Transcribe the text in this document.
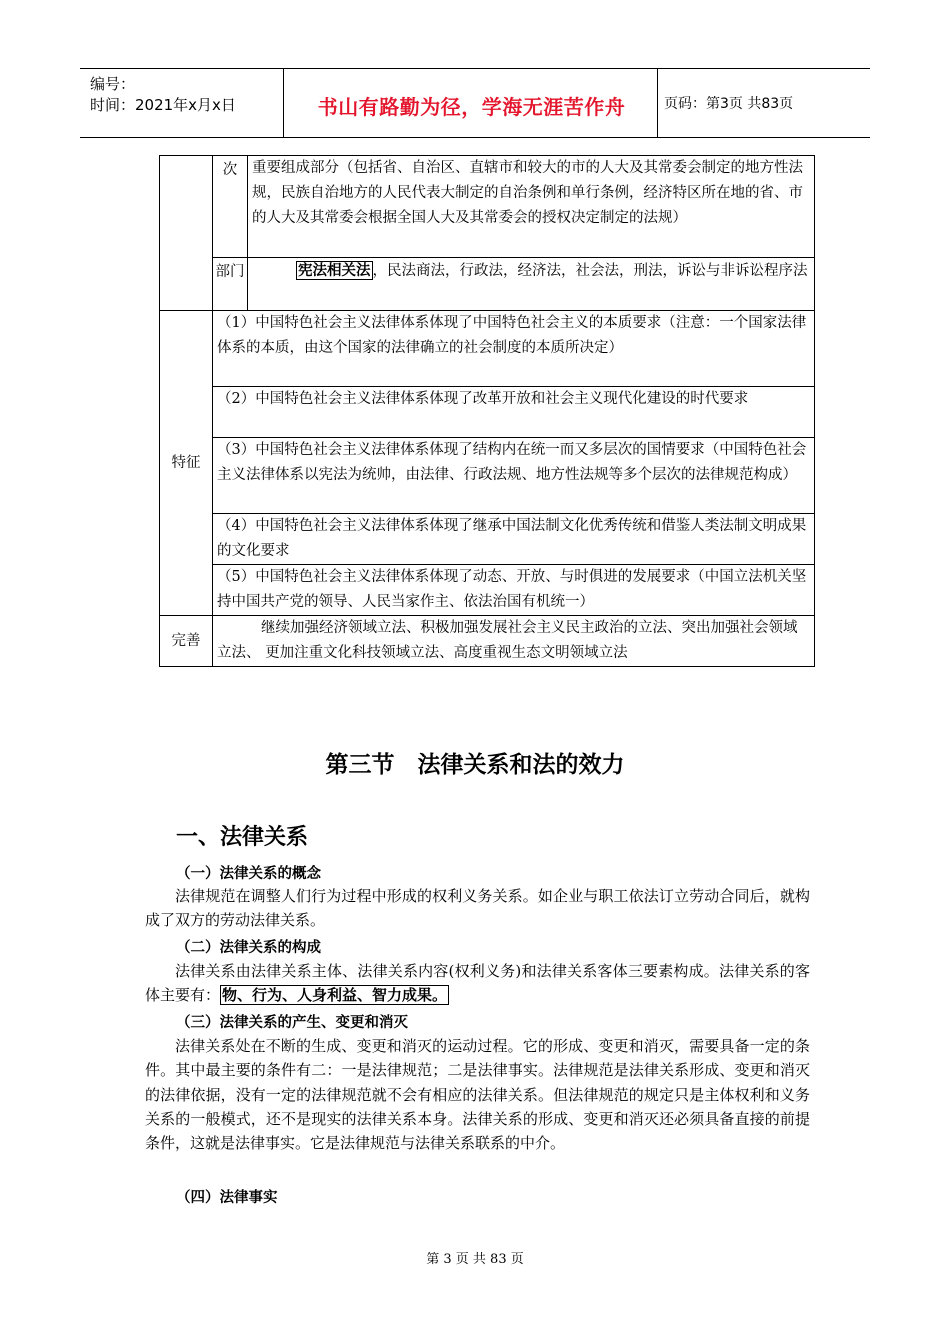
编号：
时间：2021年x月x日	书山有路勤为径，学海无涯苦作舟	页码：第3页 共83页
	次	重要组成部分（包括省、自治区、直辖市和较大的市的人大及其常委会制定的地方性法规，民族自治地方的人民代表大制定的自治条例和单行条例，经济特区所在地的省、市的人大及其常委会根据全国人大及其常委会的授权决定制定的法规）
	部门	宪法相关法 ，民法商法，行政法，经济法，社会法，刑法，诉讼与非诉讼程序法
特征	（1）中国特色社会主义法律体系体现了中国特色社会主义的本质要求（注意：一个国家法律体系的本质，由这个国家的法律确立的社会制度的本质所决定）	
	（2）中国特色社会主义法律体系体现了改革开放和社会主义现代化建设的时代要求	
	（3）中国特色社会主义法律体系体现了结构内在统一而又多层次的国情要求（中国特色社会主义法律体系以宪法为统帅，由法律、行政法规、地方性法规等多个层次的法律规范构成）	
	（4）中国特色社会主义法律体系体现了继承中国法制文化优秀传统和借鉴人类法制文明成果的文化要求	
	（5）中国特色社会主义法律体系体现了动态、开放、与时俱进的发展要求（中国立法机关坚持中国共产党的领导、人民当家作主、依法治国有机统一）	
完善	继续加强经济领域立法、积极加强发展社会主义民主政治的立法、突出加强社会领域立法、 更加注重文化科技领域立法、高度重视生态文明领域立法	
第三节　法律关系和法的效力
一、法律关系
（一）法律关系的概念
法律规范在调整人们行为过程中形成的权利义务关系。如企业与职工依法订立劳动合同后，就构成了双方的劳动法律关系。
（二）法律关系的构成
法律关系由法律关系主体、法律关系内容(权利义务)和法律关系客体三要素构成。法律关系的客体主要有： 物、行为、人身利益、智力成果。
（三）法律关系的产生、变更和消灭
法律关系处在不断的生成、变更和消灭的运动过程。它的形成、变更和消灭，需要具备一定的条件。其中最主要的条件有二：一是法律规范；二是法律事实。法律规范是法律关系形成、变更和消灭的法律依据，没有一定的法律规范就不会有相应的法律关系。但法律规范的规定只是主体权利和义务关系的一般模式，还不是现实的法律关系本身。法律关系的形成、变更和消灭还必须具备直接的前提条件，这就是法律事实。它是法律规范与法律关系联系的中介。
（四）法律事实
第 3 页 共 83 页
